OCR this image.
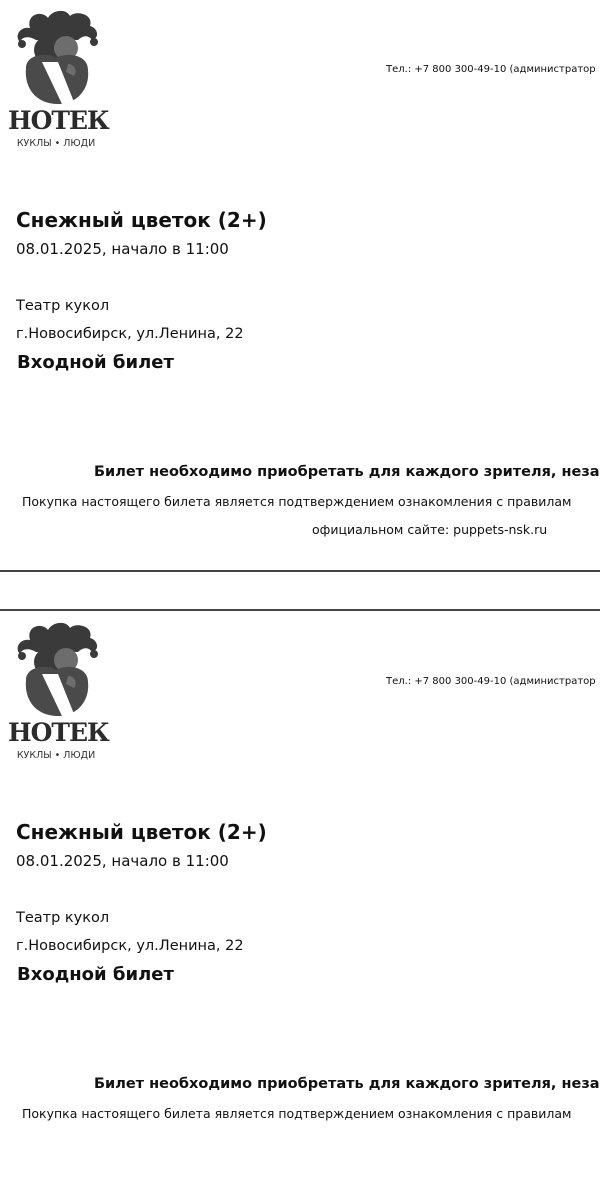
НОТЕК
КУКЛЫ • ЛЮДИ
Тел.: +7 800 300-49-10 (администратор
Снежный цветок (2+)
08.01.2025, начало в 11:00
Театр кукол
г.Новосибирск, ул.Ленина, 22
Входной билет
Билет необходимо приобретать для каждого зрителя, неза
Покупка настоящего билета является подтверждением ознакомления с правилам
официальном сайте: puppets-nsk.ru
НОТЕК
КУКЛЫ • ЛЮДИ
Тел.: +7 800 300-49-10 (администратор
Снежный цветок (2+)
08.01.2025, начало в 11:00
Театр кукол
г.Новосибирск, ул.Ленина, 22
Входной билет
Билет необходимо приобретать для каждого зрителя, неза
Покупка настоящего билета является подтверждением ознакомления с правилам
